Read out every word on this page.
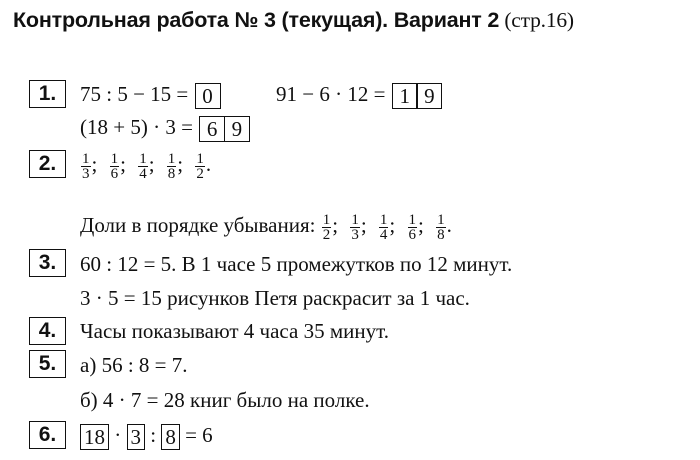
Контрольная работа № 3 (текущая). Вариант 2 (стр.16)
1.	75 : 5 − 15 = 0	91 − 6 · 12 = 1 9
(18 + 5) · 3 = 6 9
2.	$\frac{1}{3}$ ; $\frac{1}{6}$ ; $\frac{1}{4}$ ; $\frac{1}{8}$ ; $\frac{1}{2}$ .
Доли в порядке убывания: $\frac{1}{2}$ ; $\frac{1}{3}$ ; $\frac{1}{4}$ ; $\frac{1}{6}$ ; $\frac{1}{8}$ .
3.	60 : 12 = 5. В 1 часе 5 промежутков по 12 минут.
3 · 5 = 15 рисунков Петя раскрасит за 1 час.
4.	Часы показывают 4 часа 35 минут.
5.	а) 56 : 8 = 7.
б) 4 · 7 = 28 книг было на полке.
6.	18 · 3 : 8 = 6
